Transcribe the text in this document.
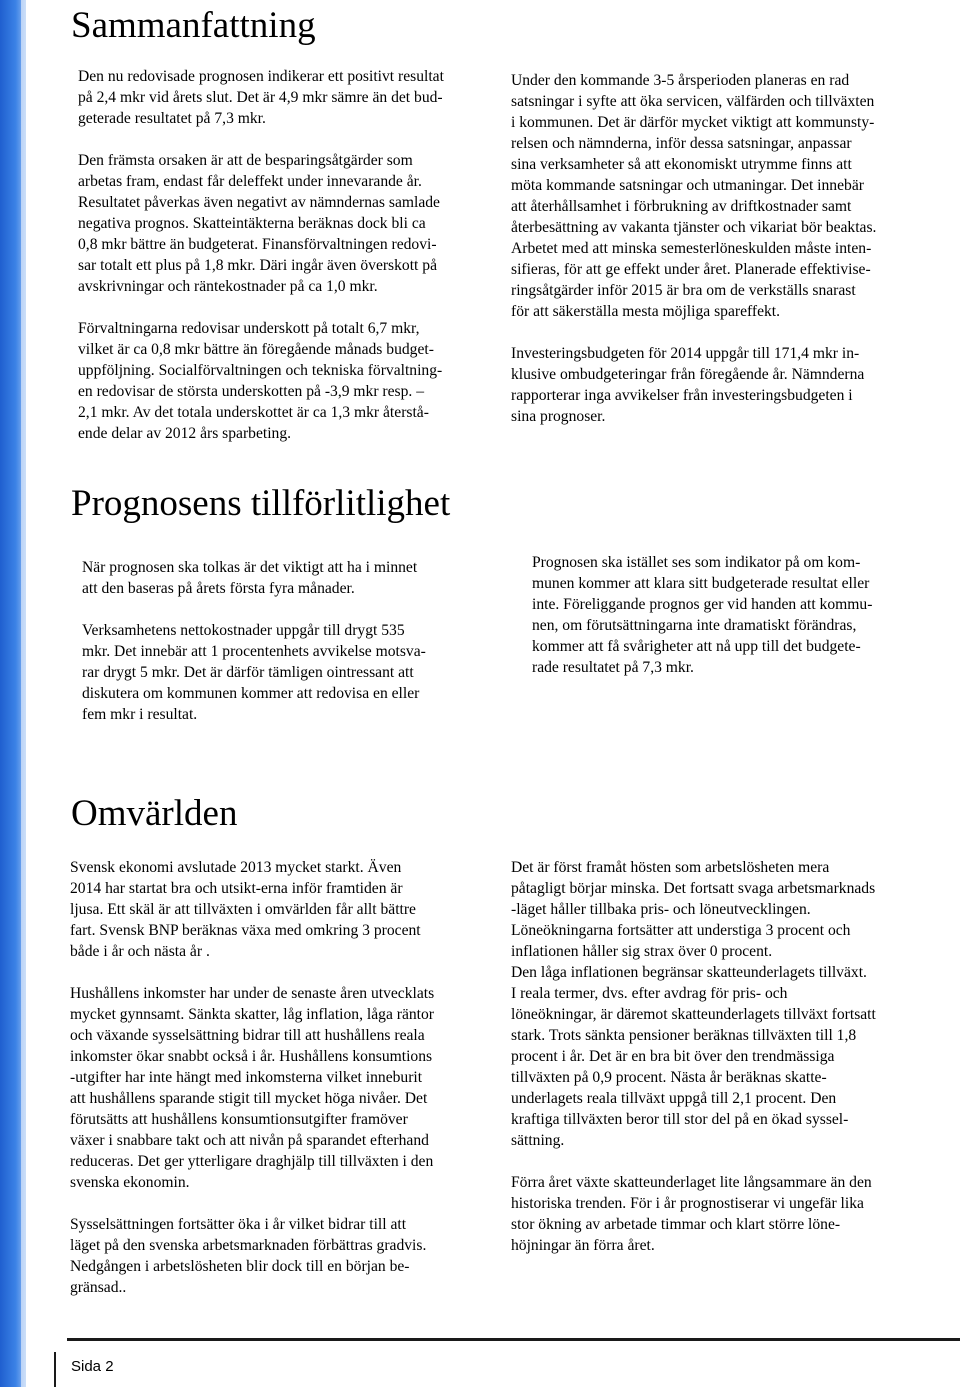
Sammanfattning

Den nu redovisade prognosen indikerar ett positivt resultat
på 2,4 mkr vid årets slut. Det är 4,9 mkr sämre än det bud-
geterade resultatet på 7,3 mkr.

Den främsta orsaken är att de besparingsåtgärder som
arbetas fram, endast får deleffekt under innevarande år.
Resultatet påverkas även negativt av nämndernas samlade
negativa prognos. Skatteintäkterna beräknas dock bli ca
0,8 mkr bättre än budgeterat. Finansförvaltningen redovi-
sar totalt ett plus på 1,8 mkr. Däri ingår även överskott på
avskrivningar och räntekostnader på ca 1,0 mkr.

Förvaltningarna redovisar underskott på totalt 6,7 mkr,
vilket är ca 0,8 mkr bättre än föregående månads budget-
uppföljning. Socialförvaltningen och tekniska förvaltning-
en redovisar de största underskotten på -3,9 mkr resp. –
2,1 mkr. Av det totala underskottet är ca 1,3 mkr återstå-
ende delar av 2012 års sparbeting.

Under den kommande 3-5 årsperioden planeras en rad
satsningar i syfte att öka servicen, välfärden och tillväxten
i kommunen. Det är därför mycket viktigt att kommunsty-
relsen och nämnderna, inför dessa satsningar, anpassar
sina verksamheter så att ekonomiskt utrymme finns att
möta kommande satsningar och utmaningar. Det innebär
att återhållsamhet i förbrukning av driftkostnader samt
återbesättning av vakanta tjänster och vikariat bör beaktas.
Arbetet med att minska semesterlöneskulden måste inten-
sifieras, för att ge effekt under året. Planerade effektivise-
ringsåtgärder inför 2015 är bra om de verkställs snarast
för att säkerställa mesta möjliga spareffekt.

Investeringsbudgeten för 2014 uppgår till 171,4 mkr in-
klusive ombudgeteringar från föregående år. Nämnderna
rapporterar inga avvikelser från investeringsbudgeten i
sina prognoser.

Prognosens tillförlitlighet

När prognosen ska tolkas är det viktigt att ha i minnet
att den baseras på årets första fyra månader.

Verksamhetens nettokostnader uppgår till drygt 535
mkr. Det innebär att 1 procentenhets avvikelse motsva-
rar drygt 5 mkr. Det är därför tämligen ointressant att
diskutera om kommunen kommer att redovisa en eller
fem mkr i resultat.

Prognosen ska istället ses som indikator på om kom-
munen kommer att klara sitt budgeterade resultat eller
inte. Föreliggande prognos ger vid handen att kommu-
nen, om förutsättningarna inte dramatiskt förändras,
kommer att få svårigheter att nå upp till det budgete-
rade resultatet på 7,3 mkr.

Omvärlden

Svensk ekonomi avslutade 2013 mycket starkt. Även
2014 har startat bra och utsikt-erna inför framtiden är
ljusa. Ett skäl är att tillväxten i omvärlden får allt bättre
fart. Svensk BNP beräknas växa med omkring 3 procent
både i år och nästa år .

Hushållens inkomster har under de senaste åren utvecklats
mycket gynnsamt. Sänkta skatter, låg inflation, låga räntor
och växande sysselsättning bidrar till att hushållens reala
inkomster ökar snabbt också i år. Hushållens konsumtions
-utgifter har inte hängt med inkomsterna vilket inneburit
att hushållens sparande stigit till mycket höga nivåer. Det
förutsätts att hushållens konsumtionsutgifter framöver
växer i snabbare takt och att nivån på sparandet efterhand
reduceras. Det ger ytterligare draghjälp till tillväxten i den
svenska ekonomin.

Sysselsättningen fortsätter öka i år vilket bidrar till att
läget på den svenska arbetsmarknaden förbättras gradvis.
Nedgången i arbetslösheten blir dock till en början be-
gränsad..

Det är först framåt hösten som arbetslösheten mera
påtagligt börjar minska. Det fortsatt svaga arbetsmarknads
-läget håller tillbaka pris- och löneutvecklingen.
Löneökningarna fortsätter att understiga 3 procent och
inflationen håller sig strax över 0 procent.

Den låga inflationen begränsar skatteunderlagets tillväxt.
I reala termer, dvs. efter avdrag för pris- och
löneökningar, är däremot skatteunderlagets tillväxt fortsatt
stark. Trots sänkta pensioner beräknas tillväxten till 1,8
procent i år. Det är en bra bit över den trendmässiga
tillväxten på 0,9 procent. Nästa år beräknas skatte-
underlagets reala tillväxt uppgå till 2,1 procent. Den
kraftiga tillväxten beror till stor del på en ökad syssel-
sättning.

Förra året växte skatteunderlaget lite långsammare än den
historiska trenden. För i år prognostiserar vi ungefär lika
stor ökning av arbetade timmar och klart större löne-
höjningar än förra året.

Sida 2
